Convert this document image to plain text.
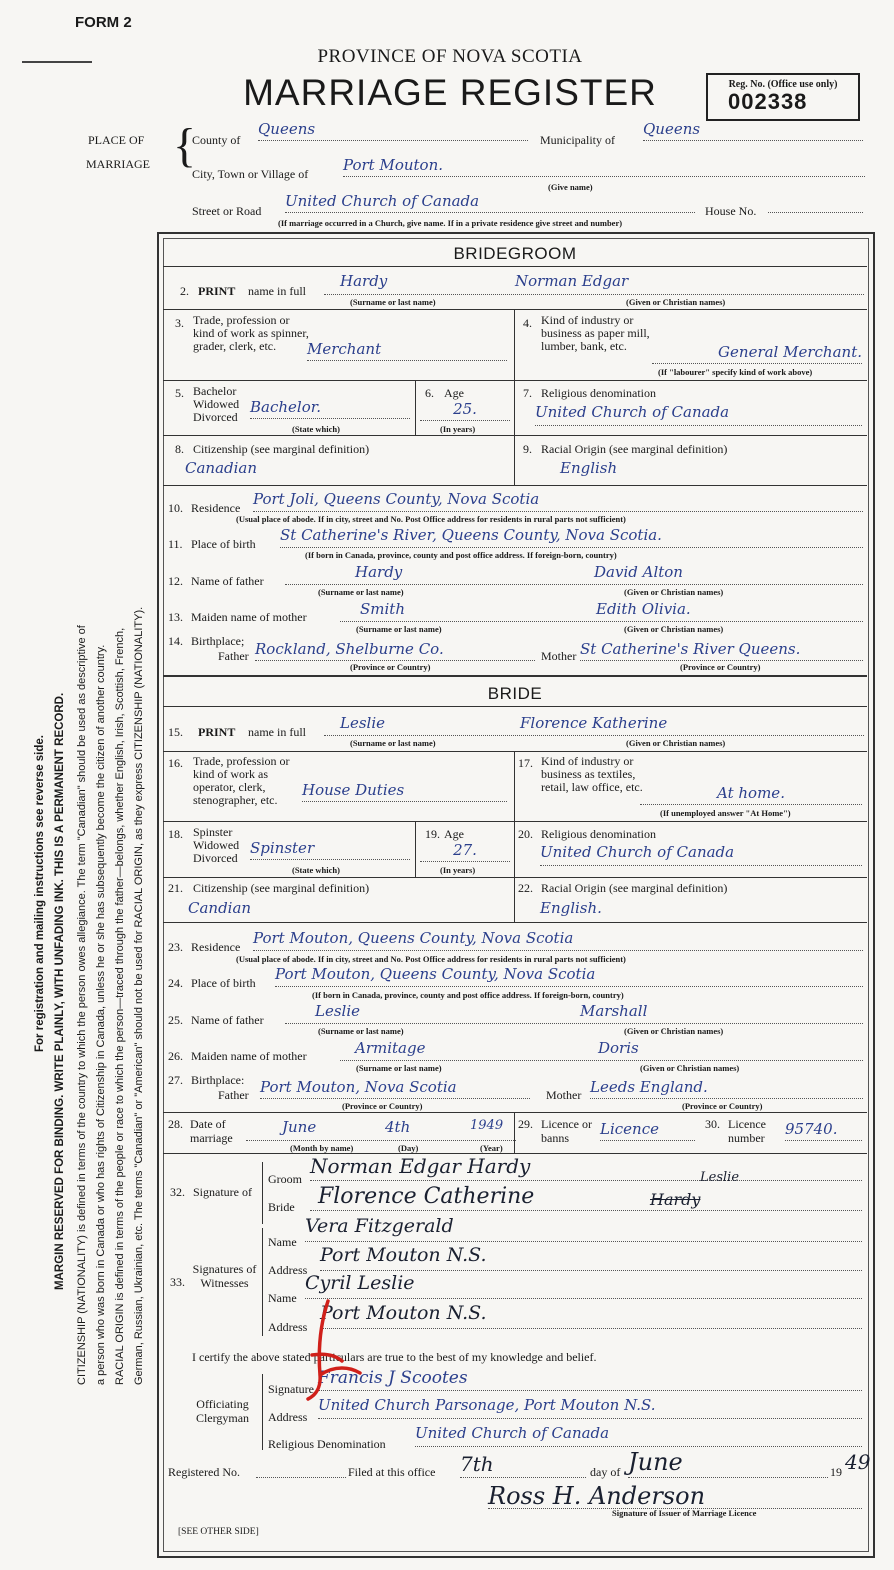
FORM 2
PROVINCE OF NOVA SCOTIA
MARRIAGE REGISTER	Reg. No. (Office use only)
002338
PLACE OF
MARRIAGE {
County of
Queens
Municipality of
Queens
City, Town or Village of Port Mouton.
(Give name)
Street or Road
United Church of Canada
House No.
(If marriage occurred in a Church, give name. If in a private residence give street and number)
For registration and mailing instructions see reverse side. MARGIN RESERVED FOR BINDING. WRITE PLAINLY, WITH UNFADING INK. THIS IS A PERMANENT RECORD. CITIZENSHIP (NATIONALITY) is defined in terms of the country to which the person owes allegiance. The term "Canadian" should be used as descriptive of a person who was born in Canada or who has rights of Citizenship in Canada, unless he or she has subsequently become the citizen of another country. RACIAL ORIGIN is defined in terms of the people or race to which the person—traced through the father—belongs, whether English, Irish, Scottish, French, German, Russian, Ukrainian, etc. The terms "Canadian" or "American" should not be used for RACIAL ORIGIN, as they express CITIZENSHIP (NATIONALITY).
BRIDEGROOM
2. PRINT name in full
Hardy	Norman Edgar
(Surname or last name)	(Given or Christian names)
3. Trade, profession or kind of work as spinner, grader, clerk, etc.	Merchant
4. Kind of industry or business as paper mill, lumber, bank, etc.	General Merchant.
(If "labourer" specify kind of work above)
5. Bachelor Widowed Divorced
Bachelor.
(State which)
6. Age
25.
(In years)
7. Religious denomination
United Church of Canada
8. Citizenship (see marginal definition)
Canadian
9. Racial Origin (see marginal definition)
English
10. Residence Port Joli, Queens County, Nova Scotia
(Usual place of abode. If in city, street and No. Post Office address for residents in rural parts not sufficient)
11. Place of birth St Catherine's River, Queens County, Nova Scotia.
(If born in Canada, province, county and post office address. If foreign-born, country)
12. Name of father	Hardy	David Alton
(Surname or last name)	(Given or Christian names)
13. Maiden name of mother	Smith	Edith Olivia.
(Surname or last name)	(Given or Christian names)
14. Birthplace;
Father Rockland, Shelburne Co.	Mother St Catherine's River Queens.
(Province or Country)	(Province or Country)
BRIDE
15. PRINT name in full Leslie	Florence Katherine
(Surname or last name)	(Given or Christian names)
16. Trade, profession or kind of work as operator, clerk, stenographer, etc.
House Duties
17. Kind of industry or business as textiles, retail, law office, etc.	At home.
(If unemployed answer "At Home")
18. Spinster Widowed Divorced
Spinster
(State which)
19. Age
27.
(In years)
20. Religious denomination
United Church of Canada
21. Citizenship (see marginal definition)
Candian
22. Racial Origin (see marginal definition)
English.
23. Residence Port Mouton, Queens County, Nova Scotia
(Usual place of abode. If in city, street and No. Post Office address for residents in rural parts not sufficient)
24. Place of birth Port Mouton, Queens County, Nova Scotia
(If born in Canada, province, county and post office address. If foreign-born, country)
25. Name of father	Leslie	Marshall
(Surname or last name)	(Given or Christian names)
26. Maiden name of mother	Armitage	Doris
(Surname or last name)	(Given or Christian names)
27. Birthplace:
Father Port Mouton, Nova Scotia	Mother Leeds England.
(Province or Country)	(Province or Country)
28. Date of marriage
June	4th	1949
(Month by name)	(Day)	(Year)
29. Licence or banns	Licence	30. Licence number	95740.
32. Signature of
Groom
Norman Edgar Hardy
Bride Florence Catherine	Hardy
Leslie
33.
Signatures of Witnesses
Name
Vera Fitzgerald
Address
Port Mouton N.S.
Name
Cyril Leslie
Address
Port Mouton N.S.
I certify the above stated particulars are true to the best of my knowledge and belief.
Officiating Clergyman
Signature
Francis J Scootes
Address
United Church Parsonage, Port Mouton N.S.
Religious Denomination
United Church of Canada
Registered No.	Filed at this office 7th	day of June	19 49
Ross H. Anderson
Signature of Issuer of Marriage Licence
[SEE OTHER SIDE]
